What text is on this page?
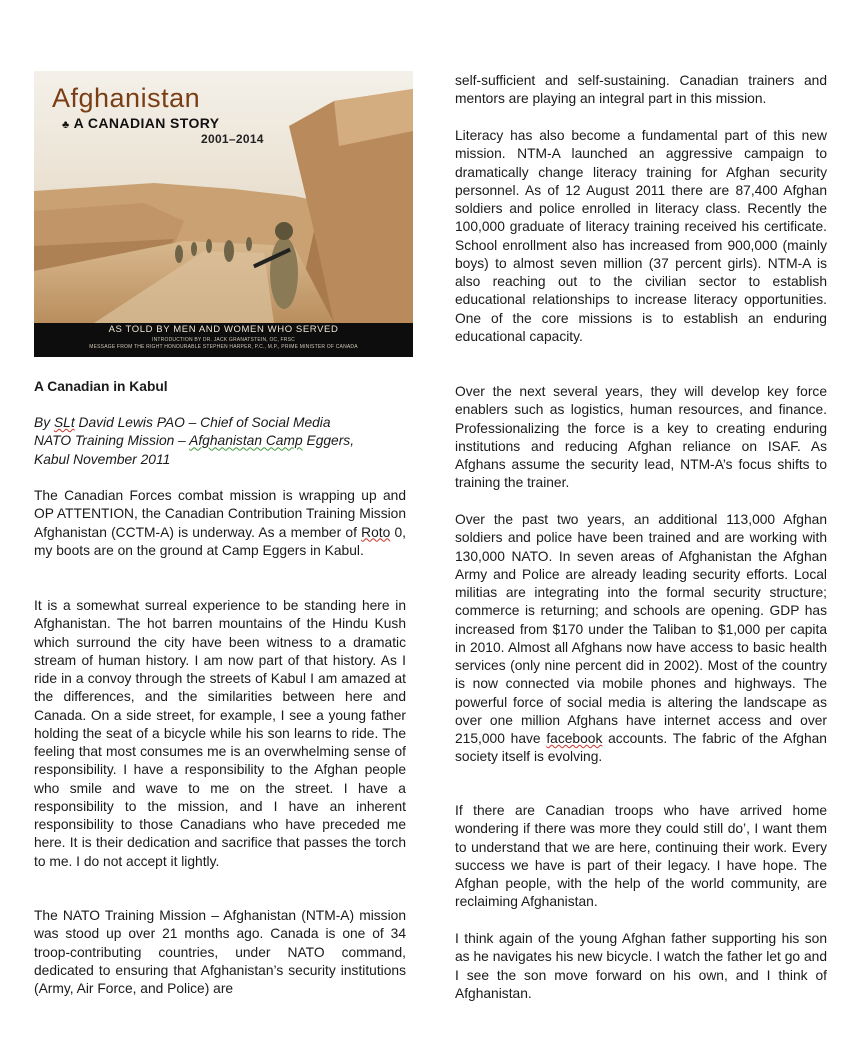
Afghanistan
♣ A CANADIAN STORY
2001–2014
AS TOLD BY MEN AND WOMEN WHO SERVED
INTRODUCTION BY DR. JACK GRANATSTEIN, OC, FRSC
MESSAGE FROM THE RIGHT HONOURABLE STEPHEN HARPER, P.C., M.P., PRIME MINISTER OF CANADA

A Canadian in Kabul

By SLt David Lewis PAO – Chief of Social Media
NATO Training Mission – Afghanistan Camp Eggers,
Kabul November 2011

The Canadian Forces combat mission is wrapping up and OP ATTENTION, the Canadian Contribution Training Mission Afghanistan (CCTM-A) is underway. As a member of Roto 0, my boots are on the ground at Camp Eggers in Kabul.

It is a somewhat surreal experience to be standing here in Afghanistan. The hot barren mountains of the Hindu Kush which surround the city have been witness to a dramatic stream of human history. I am now part of that history. As I ride in a convoy through the streets of Kabul I am amazed at the differences, and the similarities between here and Canada. On a side street, for example, I see a young father holding the seat of a bicycle while his son learns to ride. The feeling that most consumes me is an overwhelming sense of responsibility. I have a responsibility to the Afghan people who smile and wave to me on the street. I have a responsibility to the mission, and I have an inherent responsibility to those Canadians who have preceded me here. It is their dedication and sacrifice that passes the torch to me. I do not accept it lightly.

The NATO Training Mission – Afghanistan (NTM-A) mission was stood up over 21 months ago. Canada is one of 34 troop-contributing countries, under NATO command, dedicated to ensuring that Afghanistan’s security institutions (Army, Air Force, and Police) are

self-sufficient and self-sustaining. Canadian trainers and mentors are playing an integral part in this mission.

Literacy has also become a fundamental part of this new mission. NTM-A launched an aggressive campaign to dramatically change literacy training for Afghan security personnel. As of 12 August 2011 there are 87,400 Afghan soldiers and police enrolled in literacy class. Recently the 100,000 graduate of literacy training received his certificate. School enrollment also has increased from 900,000 (mainly boys) to almost seven million (37 percent girls). NTM-A is also reaching out to the civilian sector to establish educational relationships to increase literacy opportunities. One of the core missions is to establish an enduring educational capacity.

Over the next several years, they will develop key force enablers such as logistics, human resources, and finance. Professionalizing the force is a key to creating enduring institutions and reducing Afghan reliance on ISAF. As Afghans assume the security lead, NTM-A’s focus shifts to training the trainer.

Over the past two years, an additional 113,000 Afghan soldiers and police have been trained and are working with 130,000 NATO. In seven areas of Afghanistan the Afghan Army and Police are already leading security efforts. Local militias are integrating into the formal security structure; commerce is returning; and schools are opening. GDP has increased from $170 under the Taliban to $1,000 per capita in 2010. Almost all Afghans now have access to basic health services (only nine percent did in 2002). Most of the country is now connected via mobile phones and highways. The powerful force of social media is altering the landscape as over one million Afghans have internet access and over 215,000 have facebook accounts. The fabric of the Afghan society itself is evolving.

If there are Canadian troops who have arrived home wondering if there was more they could still do’, I want them to understand that we are here, continuing their work. Every success we have is part of their legacy. I have hope. The Afghan people, with the help of the world community, are reclaiming Afghanistan.

I think again of the young Afghan father supporting his son as he navigates his new bicycle. I watch the father let go and I see the son move forward on his own, and I think of Afghanistan.
